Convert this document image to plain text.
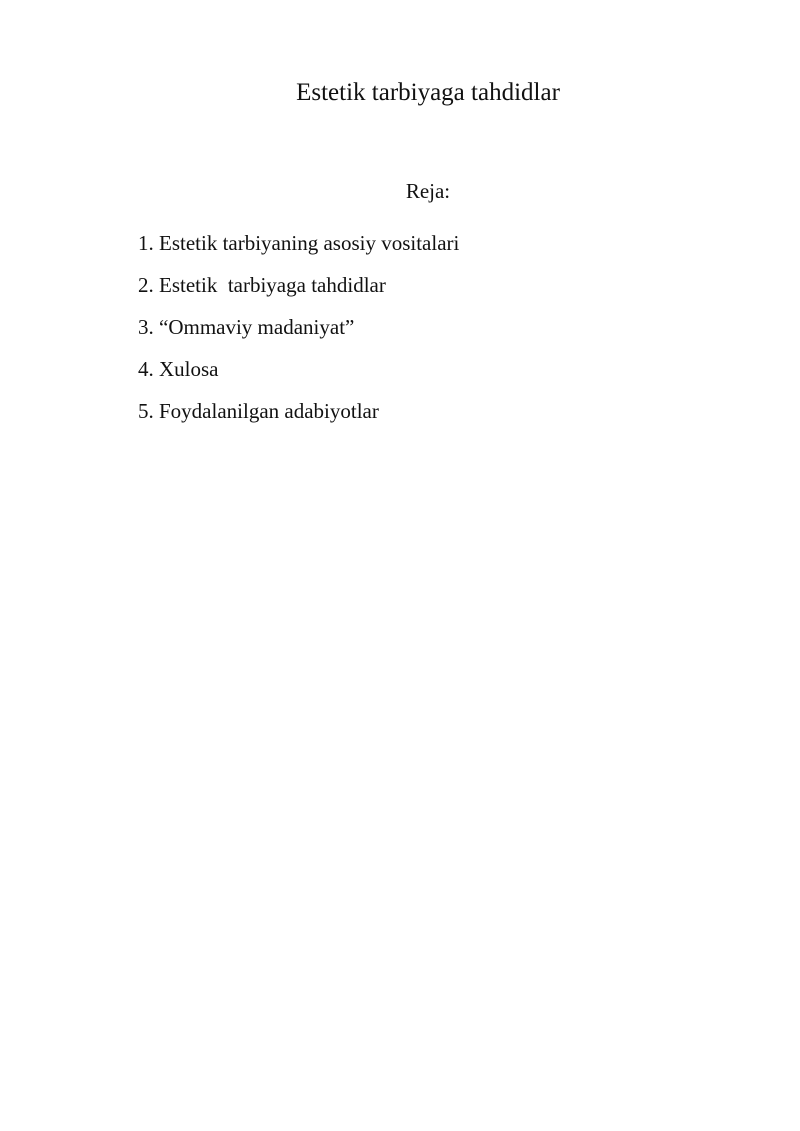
Estetik tarbiyaga tahdidlar
Reja:
1. Estetik tarbiyaning asosiy vositalari
2. Estetik  tarbiyaga tahdidlar
3. “Ommaviy madaniyat”
4. Xulosa
5. Foydalanilgan adabiyotlar
